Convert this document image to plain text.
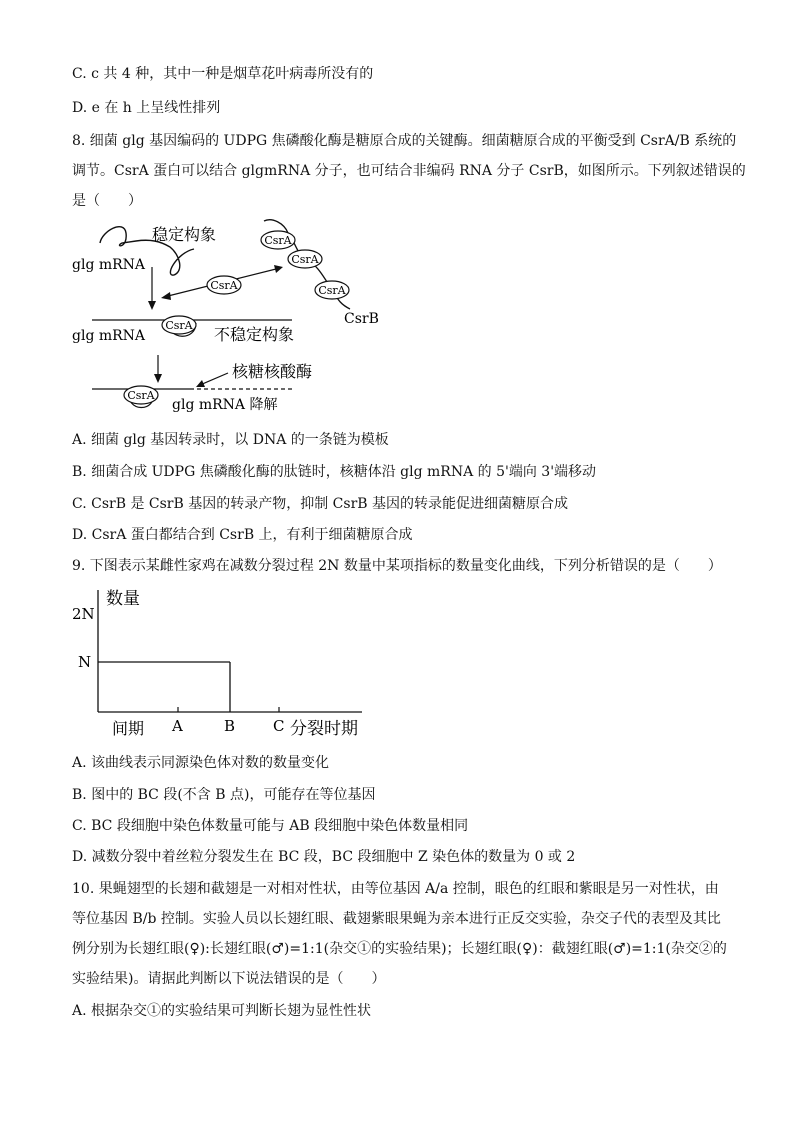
C. c 共 4 种，其中一种是烟草花叶病毒所没有的
D. e 在 h 上呈线性排列
8. 细菌 glg 基因编码的 UDPG 焦磷酸化酶是糖原合成的关键酶。细菌糖原合成的平衡受到 CsrA/B 系统的
调节。CsrA 蛋白可以结合 glgmRNA 分子，也可结合非编码 RNA 分子 CsrB，如图所示。下列叙述错误的
是（　　）
稳定构象
glg mRNA
CsrA
CsrA
CsrA
CsrA
CsrB
CsrA
glg mRNA	不稳定构象
核糖核酸酶
CsrA
glg mRNA 降解
A. 细菌 glg 基因转录时，以 DNA 的一条链为模板
B. 细菌合成 UDPG 焦磷酸化酶的肽链时，核糖体沿 glg mRNA 的 5'端向 3'端移动
C. CsrB 是 CsrB 基因的转录产物，抑制 CsrB 基因的转录能促进细菌糖原合成
D. CsrA 蛋白都结合到 CsrB 上，有利于细菌糖原合成
9. 下图表示某雌性家鸡在减数分裂过程 2N 数量中某项指标的数量变化曲线，下列分析错误的是（　　）
数量
2N
N
间期 A	B	C 分裂时期
A. 该曲线表示同源染色体对数的数量变化
B. 图中的 BC 段(不含 B 点)，可能存在等位基因
C. BC 段细胞中染色体数量可能与 AB 段细胞中染色体数量相同
D. 减数分裂中着丝粒分裂发生在 BC 段，BC 段细胞中 Z 染色体的数量为 0 或 2
10. 果蝇翅型的长翅和截翅是一对相对性状，由等位基因 A/a 控制，眼色的红眼和紫眼是另一对性状，由
等位基因 B/b 控制。实验人员以长翅红眼、截翅紫眼果蝇为亲本进行正反交实验，杂交子代的表型及其比
例分别为长翅红眼(♀):长翅红眼(♂)=1:1(杂交①的实验结果)；长翅红眼(♀)：截翅红眼(♂)=1:1(杂交②的
实验结果)。请据此判断以下说法错误的是（　　）
A. 根据杂交①的实验结果可判断长翅为显性性状
